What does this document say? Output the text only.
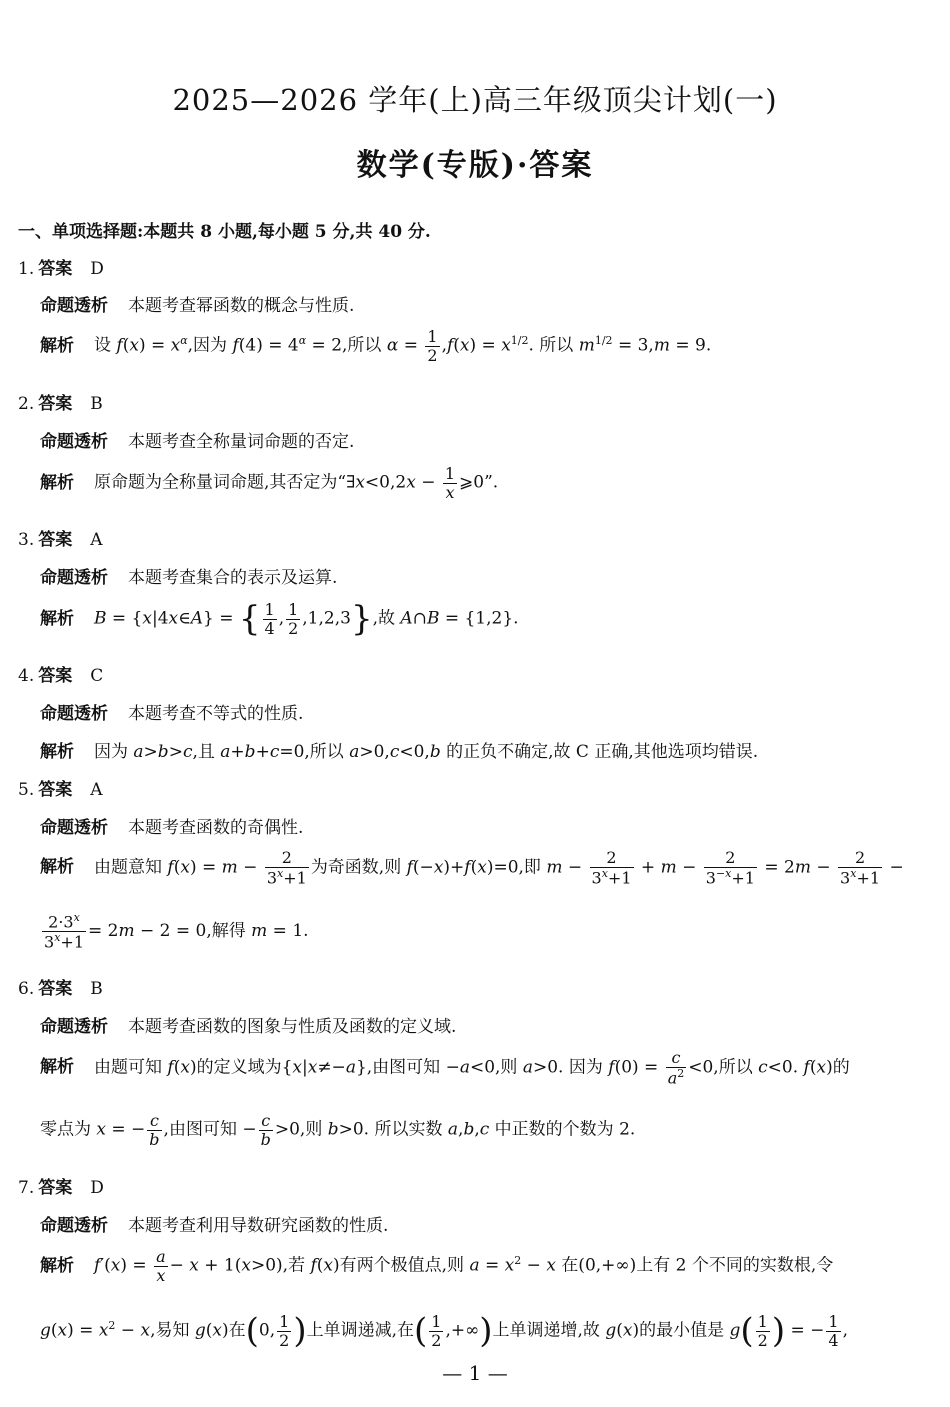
2025—2026 学年(上)高三年级顶尖计划(一)
数学(专版)·答案
一、单项选择题:本题共 8 小题,每小题 5 分,共 40 分.
1. 答案 D
命题透析 本题考查幂函数的概念与性质.
解析 设 $f(x) = x^\alpha$,因为 $f(4) = 4^\alpha = 2$,所以 $\alpha = \frac{1}{2} ,f(x) = x^{1/2}$. 所以 $m^{1/2} = 3,m = 9$.
2. 答案 B
命题透析 本题考查全称量词命题的否定.
解析 原命题为全称量词命题,其否定为“∃x<0,2x − $\frac{1}{x}$ ⩾0”.
3. 答案 A
命题透析 本题考查集合的表示及运算.
解析 B = {x|4x∈A} = { $\frac{1}{4}$ , $\frac{1}{2} ,1,2,3$},故 A∩B = {1,2}.
4. 答案 C
命题透析 本题考查不等式的性质.
解析 因为 a>b>c,且 a+b+c=0,所以 a>0,c<0,b 的正负不确定,故 C 正确,其他选项均错误.
5. 答案 A
命题透析 本题考查函数的奇偶性.
解析 由题意知 $f(x) = m - \frac{2}{3^x+1}$ 为奇函数,则 f(−x)+f(x)=0,即 $m - \frac{2}{3^x+1} + m - \frac{2}{3^{-x}+1} = 2m - \frac{2}{3^x+1}$ −
$\frac{2\cdot 3^x}{3^x+1} = 2m - 2 = 0$,解得 m = 1.
6. 答案 B
命题透析 本题考查函数的图象与性质及函数的定义域.
解析 由题可知 f(x)的定义域为{x|x≠−a},由图可知 −a<0,则 a>0. 因为 $f(0) = \frac{c}{a^2} <0$,所以 c<0. f(x)的
零点为 x = − $\frac{c}{b}$ ,由图可知 − $\frac{c}{b} >0$,则 b>0. 所以实数 a,b,c 中正数的个数为 2.
7. 答案 D
命题透析 本题考查利用导数研究函数的性质.
解析 $f'(x) = \frac{a}{x} - x + 1(x>0)$,若 f(x)有两个极值点,则 $a = x^2 - x$ 在(0,+∞)上有 2 个不同的实数根,令
$g(x) = x^2 - x$,易知 g(x)在(0, $\frac{1}{2}$ )上单调递减,在( $\frac{1}{2}$ ,+∞)上单调递增,故 g(x)的最小值是 $g( \frac{1}{2}$ ) = − $\frac{1}{4}$ ,
— 1 —
